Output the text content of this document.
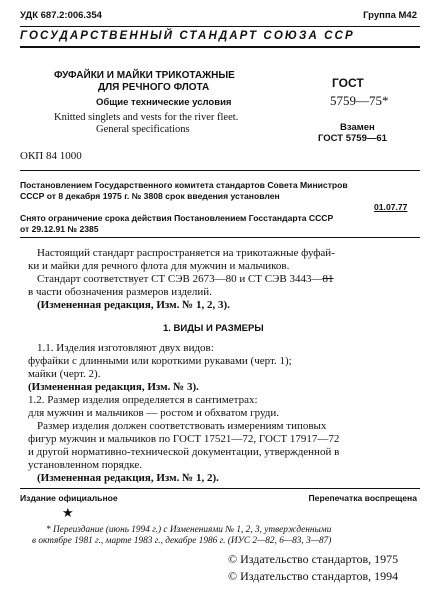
УДК 687.2:006.354	Группа М42
ГОСУДАРСТВЕННЫЙ СТАНДАРТ СОЮЗА ССР
ФУФАЙКИ И МАЙКИ ТРИКОТАЖНЫЕ
ДЛЯ РЕЧНОГО ФЛОТА
Общие технические условия
Knitted singlets and vests for the river fleet.
General specifications
ГОСТ
5759—75*
Взамен
ГОСТ 5759—61
ОКП 84 1000
Постановлением Государственного комитета стандартов Совета Министров
СССР от 8 декабря 1975 г. № 3808 срок введения установлен
01.07.77
Снято ограничение срока действия Постановлением Госстандарта СССР
от 29.12.91 № 2385
Настоящий стандарт распространяется на трикотажные фуфай-
ки и майки для речного флота для мужчин и мальчиков.
Стандарт соответствует СТ СЭВ 2673—80 и СТ СЭВ 3443—81
в части обозначения размеров изделий.
(Измененная редакция, Изм. № 1, 2, 3).
1. ВИДЫ И РАЗМЕРЫ
1.1. Изделия изготовляют двух видов:
фуфайки с длинными или короткими рукавами (черт. 1);
майки (черт. 2).
(Измененная редакция, Изм. № 3).
1.2. Размер изделия определяется в сантиметрах:
для мужчин и мальчиков — ростом и обхватом груди.
Размер изделия должен соответствовать измерениям типовых
фигур мужчин и мальчиков по ГОСТ 17521—72, ГОСТ 17917—72
и другой нормативно-технической документации, утвержденной в
установленном порядке.
(Измененная редакция, Изм. № 1, 2).
Издание официальное	Перепечатка воспрещена
★
* Переиздание (июнь 1994 г.) с Изменениями № 1, 2, 3, утвержденными
в октябре 1981 г., марте 1983 г., декабре 1986 г. (ИУС 2—82, 6—83, 3—87)
© Издательство стандартов, 1975
© Издательство стандартов, 1994
